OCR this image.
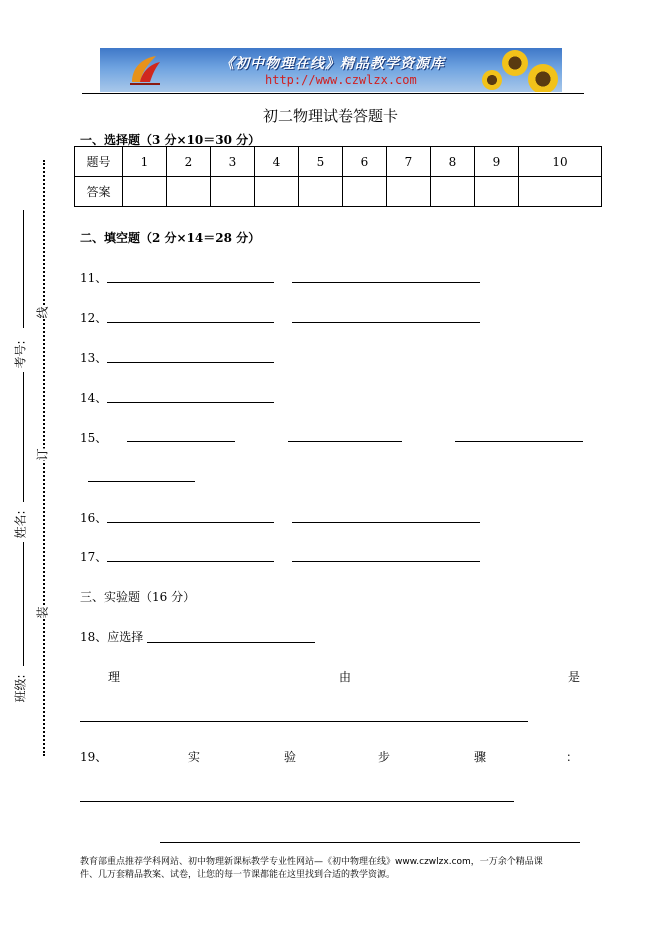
《初中物理在线》精品教学资源库
http://www.czwlzx.com
初二物理试卷答题卡
一、选择题（3 分×10＝30 分）
题号	1	2	3	4	5	6	7	8	9	10
答案										
二、填空题（2 分×14＝28 分）
11、
12、
13、
14、
15、
16、
17、
三、实验题（16 分）
18、应选择
理	由	是
19、	实	验	步	骤	：
考号:
姓名:
班级:
线
订
装
教育部重点推荐学科网站、初中物理新课标教学专业性网站—《初中物理在线》www.czwlzx.com，一万余个精品课
件、几万套精品教案、试卷，让您的每一节课都能在这里找到合适的教学资源。
